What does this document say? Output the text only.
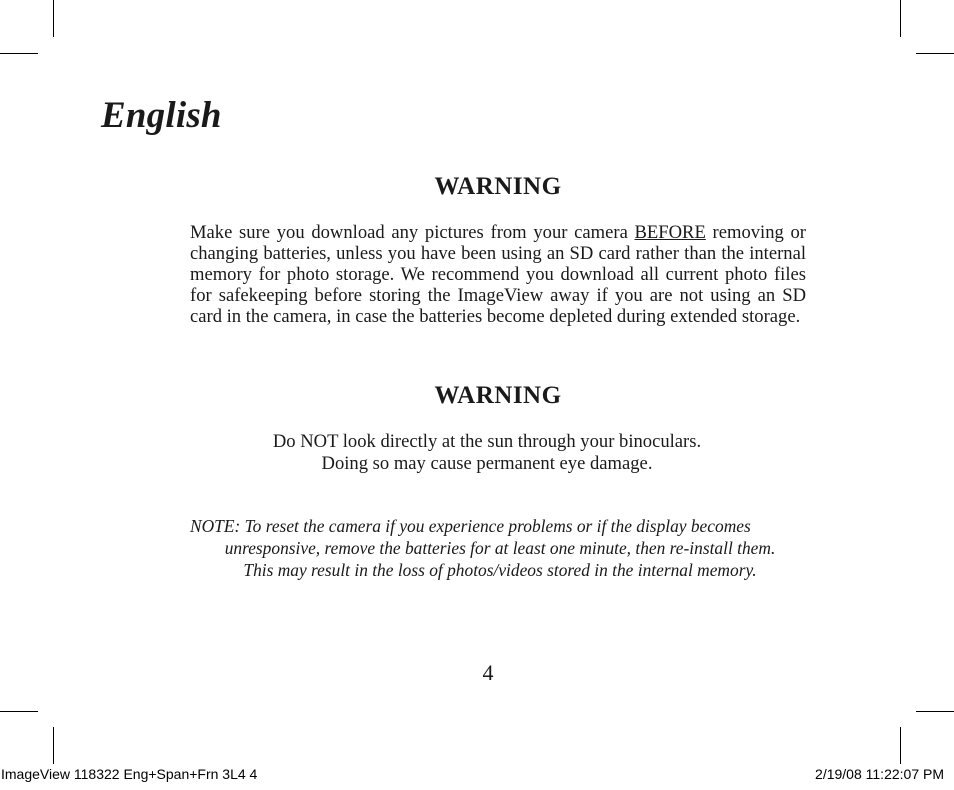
English
WARNING

Make sure you download any pictures from your camera BEFORE removing or changing batteries, unless you have been using an SD card rather than the internal memory for photo storage. We recommend you download all current photo files for safekeeping before storing the ImageView away if you are not using an SD card in the camera, in case the batteries become depleted during extended storage.

WARNING

Do NOT look directly at the sun through your binoculars.
Doing so may cause permanent eye damage.

NOTE: To reset the camera if you experience problems or if the display becomes
unresponsive, remove the batteries for at least one minute, then re-install them.
This may result in the loss of photos/videos stored in the internal memory.

4

ImageView 118322 Eng+Span+Frn 3L4 4	2/19/08 11:22:07 PM
